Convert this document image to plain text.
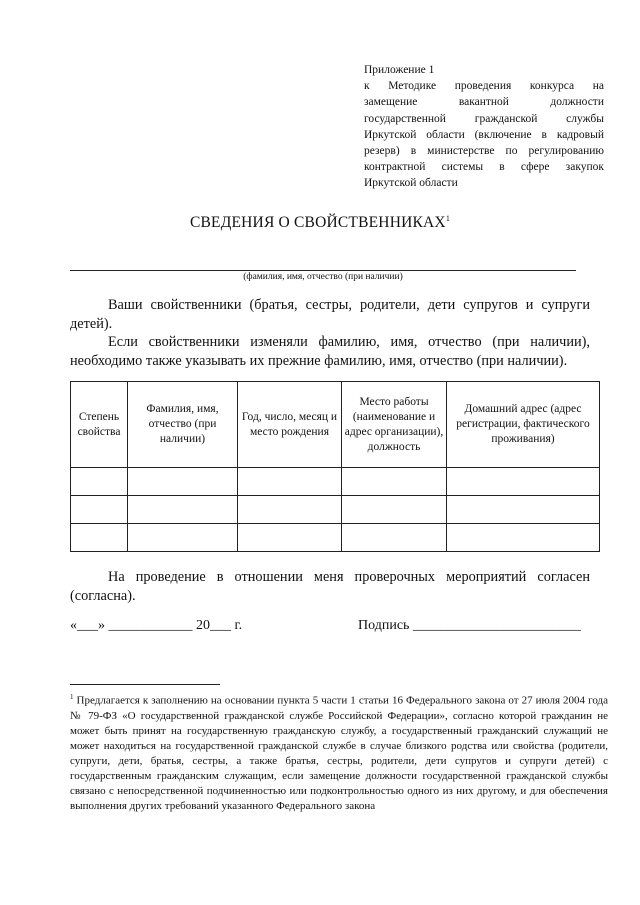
Приложение 1
к Методике проведения конкурса на
замещение вакантной должности
государственной гражданской службы
Иркутской области (включение в кадровый
резерв) в министерстве по регулированию
контрактной системы в сфере закупок
Иркутской области
СВЕДЕНИЯ О СВОЙСТВЕННИКАХ$^1$
(фамилия, имя, отчество (при наличии)
Ваши свойственники (братья, сестры, родители, дети супругов и супруги детей).
Если свойственники изменяли фамилию, имя, отчество (при наличии), необходимо также указывать их прежние фамилию, имя, отчество (при наличии).
Степень свойства	Фамилия, имя, отчество (при наличии)	Год, число, месяц и место рождения	Место работы (наименование и адрес организации), должность	Домашний адрес (адрес регистрации, фактического проживания)

На проведение в отношении меня проверочных мероприятий согласен (согласна).
«___» ____________ 20___ г.	Подпись ________________________
$^1$ Предлагается к заполнению на основании пункта 5 части 1 статьи 16 Федерального закона от 27 июля 2004 года № 79-ФЗ «О государственной гражданской службе Российской Федерации», согласно которой гражданин не может быть принят на государственную гражданскую службу, а государственный гражданский служащий не может находиться на государственной гражданской службе в случае близкого родства или свойства (родители, супруги, дети, братья, сестры, а также братья, сестры, родители, дети супругов и супруги детей) с государственным гражданским служащим, если замещение должности государственной гражданской службы связано с непосредственной подчиненностью или подконтрольностью одного из них другому, и для обеспечения выполнения других требований указанного Федерального закона
